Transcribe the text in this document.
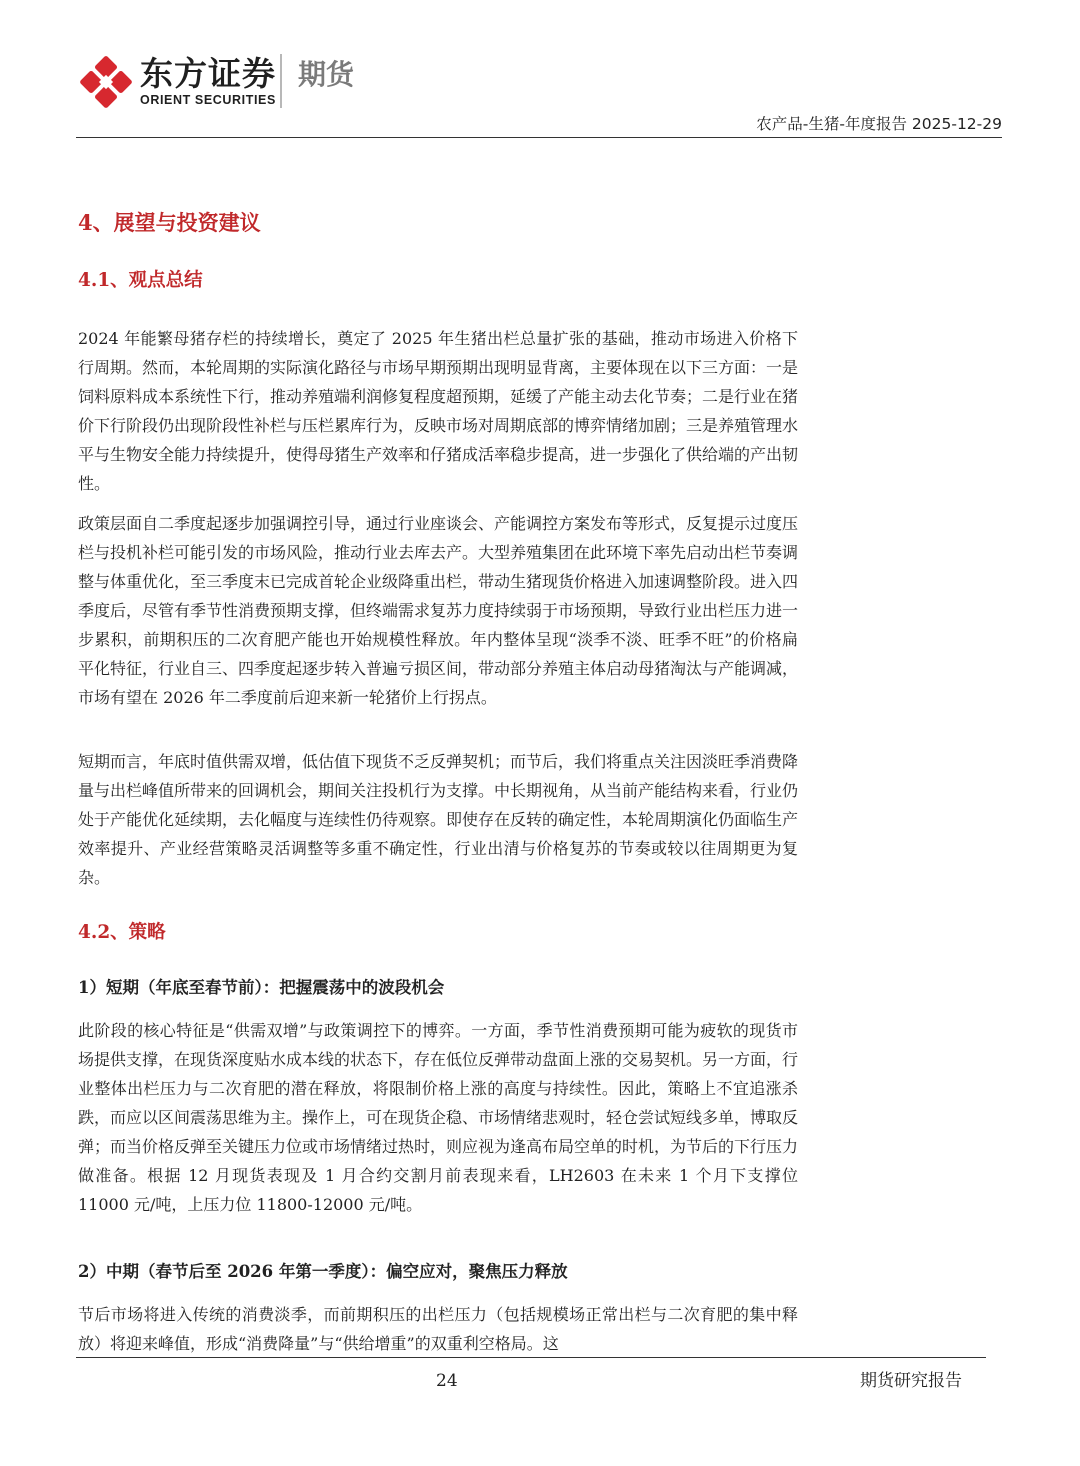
东方证券
ORIENT SECURITIES
期货
农产品-生猪-年度报告 2025-12-29
4、展望与投资建议
4.1、观点总结

2024 年能繁母猪存栏的持续增长，奠定了 2025 年生猪出栏总量扩张的基础，推动市场进入价格下行周期。然而，本轮周期的实际演化路径与市场早期预期出现明显背离，主要体现在以下三方面：一是饲料原料成本系统性下行，推动养殖端利润修复程度超预期，延缓了产能主动去化节奏；二是行业在猪价下行阶段仍出现阶段性补栏与压栏累库行为，反映市场对周期底部的博弈情绪加剧；三是养殖管理水平与生物安全能力持续提升，使得母猪生产效率和仔猪成活率稳步提高，进一步强化了供给端的产出韧性。

政策层面自二季度起逐步加强调控引导，通过行业座谈会、产能调控方案发布等形式，反复提示过度压栏与投机补栏可能引发的市场风险，推动行业去库去产。大型养殖集团在此环境下率先启动出栏节奏调整与体重优化，至三季度末已完成首轮企业级降重出栏，带动生猪现货价格进入加速调整阶段。进入四季度后，尽管有季节性消费预期支撑，但终端需求复苏力度持续弱于市场预期，导致行业出栏压力进一步累积，前期积压的二次育肥产能也开始规模性释放。年内整体呈现“淡季不淡、旺季不旺”的价格扁平化特征，行业自三、四季度起逐步转入普遍亏损区间，带动部分养殖主体启动母猪淘汰与产能调减，市场有望在 2026 年二季度前后迎来新一轮猪价上行拐点。

短期而言，年底时值供需双增，低估值下现货不乏反弹契机；而节后，我们将重点关注因淡旺季消费降量与出栏峰值所带来的回调机会，期间关注投机行为支撑。中长期视角，从当前产能结构来看，行业仍处于产能优化延续期，去化幅度与连续性仍待观察。即使存在反转的确定性，本轮周期演化仍面临生产效率提升、产业经营策略灵活调整等多重不确定性，行业出清与价格复苏的节奏或较以往周期更为复杂。

4.2、策略
1）短期（年底至春节前）：把握震荡中的波段机会

此阶段的核心特征是“供需双增”与政策调控下的博弈。一方面，季节性消费预期可能为疲软的现货市场提供支撑，在现货深度贴水成本线的状态下，存在低位反弹带动盘面上涨的交易契机。另一方面，行业整体出栏压力与二次育肥的潜在释放，将限制价格上涨的高度与持续性。因此，策略上不宜追涨杀跌，而应以区间震荡思维为主。操作上，可在现货企稳、市场情绪悲观时，轻仓尝试短线多单，博取反弹；而当价格反弹至关键压力位或市场情绪过热时，则应视为逢高布局空单的时机，为节后的下行压力做准备。根据 12 月现货表现及 1 月合约交割月前表现来看，LH2603 在未来 1 个月下支撑位 11000 元/吨，上压力位 11800-12000 元/吨。

2）中期（春节后至 2026 年第一季度）：偏空应对，聚焦压力释放

节后市场将进入传统的消费淡季，而前期积压的出栏压力（包括规模场正常出栏与二次育肥的集中释放）将迎来峰值，形成“消费降量”与“供给增重”的双重利空格局。这

24	期货研究报告
